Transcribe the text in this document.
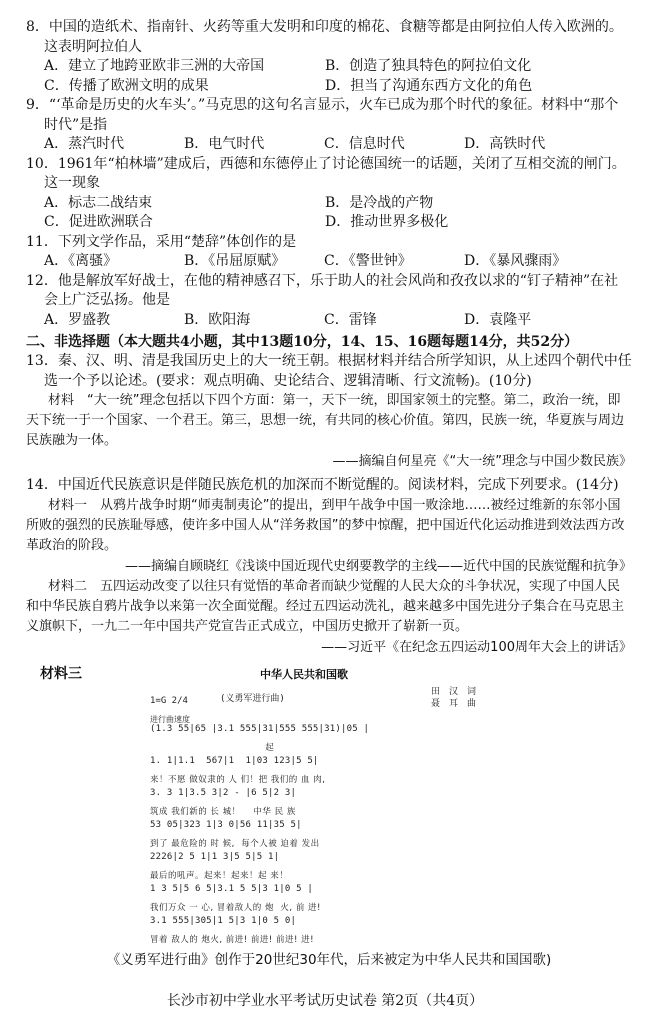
8．中国的造纸术、指南针、火药等重大发明和印度的棉花、食糖等都是由阿拉伯人传入欧洲的。这表明阿拉伯人
A．建立了地跨亚欧非三洲的大帝国	B．创造了独具特色的阿拉伯文化
C．传播了欧洲文明的成果	D．担当了沟通东西方文化的角色
9．“‘革命是历史的火车头’。”马克思的这句名言显示，火车已成为那个时代的象征。材料中“那个时代”是指
A．蒸汽时代	B．电气时代	C．信息时代	D．高铁时代
10．1961年“柏林墙”建成后，西德和东德停止了讨论德国统一的话题，关闭了互相交流的闸门。这一现象
A．标志二战结束	B．是冷战的产物
C．促进欧洲联合	D．推动世界多极化
11．下列文学作品，采用“楚辞”体创作的是
A．《离骚》	B．《吊屈原赋》	C．《警世钟》	D．《暴风骤雨》
12．他是解放军好战士，在他的精神感召下，乐于助人的社会风尚和孜孜以求的“钉子精神”在社会上广泛弘扬。他是
A．罗盛教	B．欧阳海	C．雷锋	D．袁隆平
二、非选择题（本大题共4小题，其中13题10分，14、15、16题每题14分，共52分）
13．秦、汉、明、清是我国历史上的大一统王朝。根据材料并结合所学知识，从上述四个朝代中任选一个予以论述。(要求：观点明确、史论结合、逻辑清晰、行文流畅)。(10分)
材料　“大一统”理念包括以下四个方面：第一，天下一统，即国家领土的完整。第二，政治一统，即天下统一于一个国家、一个君王。第三，思想一统，有共同的核心价值。第四，民族一统，华夏族与周边民族融为一体。
——摘编自何星亮《“大一统”理念与中国少数民族》
14．中国近代民族意识是伴随民族危机的加深而不断觉醒的。阅读材料，完成下列要求。(14分)
材料一　从鸦片战争时期“师夷制夷论”的提出，到甲午战争中国一败涂地……被经过维新的东邻小国所败的强烈的民族耻辱感，使许多中国人从“洋务救国”的梦中惊醒，把中国近代化运动推进到效法西方改革政治的阶段。
——摘编自顾晓红《浅谈中国近现代史纲要教学的主线——近代中国的民族觉醒和抗争》
材料二　五四运动改变了以往只有觉悟的革命者而缺少觉醒的人民大众的斗争状况，实现了中国人民和中华民族自鸦片战争以来第一次全面觉醒。经过五四运动洗礼，越来越多中国先进分子集合在马克思主义旗帜下，一九二一年中国共产党宣告正式成立，中国历史掀开了崭新一页。
——习近平《在纪念五四运动100周年大会上的讲话》
材料三	中华人民共和国歌
1=G 2/4	(义勇军进行曲)
田　汉　词
聂　耳　曲
进行曲速度
(1.3 55|65 |3.1 555|31|555 555|31)|05 |
起
1. 1|1.1  567|1  1|03 123|5 5|
来！不愿 做奴隶的 人 们！把 我们的 血 肉,
3. 3 1|3.5 3|2 - |6 5|2 3|
筑成 我们新的 长 城！    中华 民 族
53 05|323 1|3 0|56 11|35 5|
到了 最危险的 时 候,  每个人被 迫着 发出
2226|2 5 1|1 3|5 5|5 1|
最后的吼声。起来！起来！起 来！
1 3 5|5 6 5|3.1 5 5|3 1|0 5 |
我们万众 一 心, 冒着敌人的 炮  火, 前 进!
3.1 555|305|1 5|3 1|0 5 0|
冒着 敌人的 炮火, 前进! 前进! 前进! 进!
《义勇军进行曲》创作于20世纪30年代，后来被定为中华人民共和国国歌)
长沙市初中学业水平考试历史试卷 第2页（共4页）
